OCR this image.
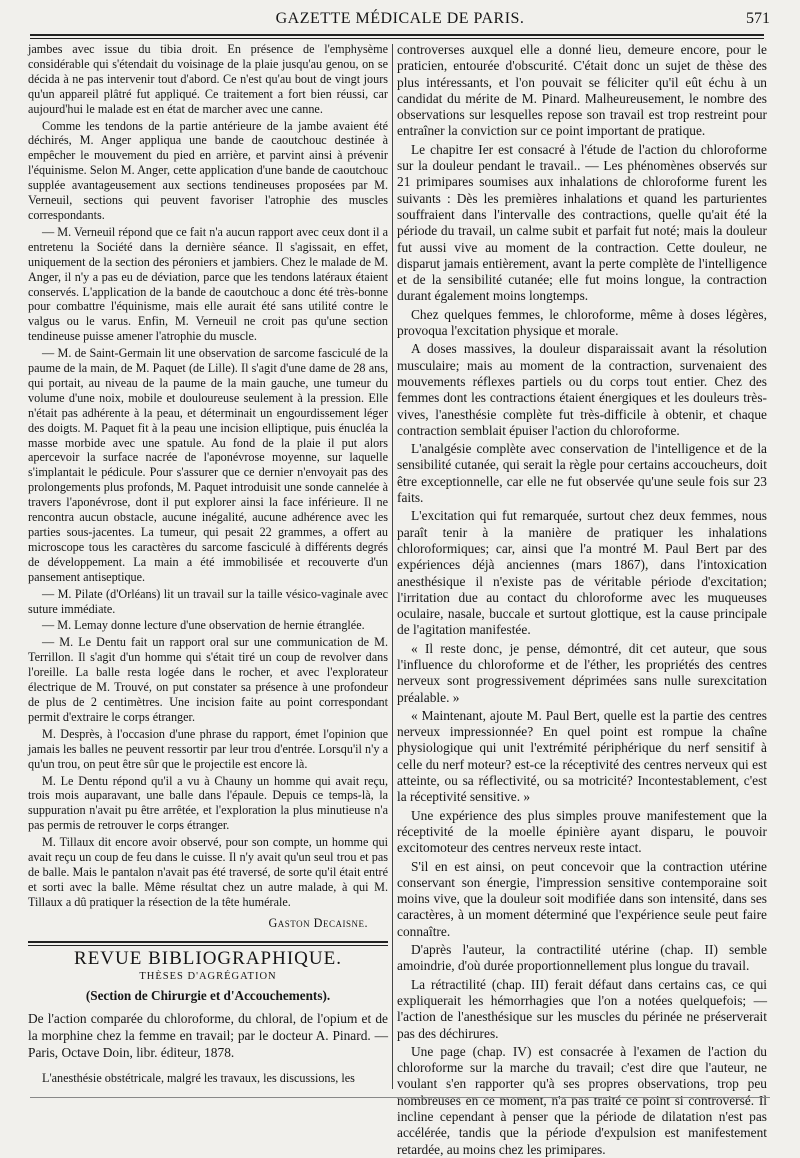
GAZETTE MÉDICALE DE PARIS.	571

jambes avec issue du tibia droit. En présence de l'emphysème considérable qui s'étendait du voisinage de la plaie jusqu'au genou, on se décida à ne pas intervenir tout d'abord. Ce n'est qu'au bout de vingt jours qu'un appareil plâtré fut appliqué. Ce traitement a fort bien réussi, car aujourd'hui le malade est en état de marcher avec une canne.

Comme les tendons de la partie antérieure de la jambe avaient été déchirés, M. Anger appliqua une bande de caoutchouc destinée à empêcher le mouvement du pied en arrière, et parvint ainsi à prévenir l'équinisme. Selon M. Anger, cette application d'une bande de caoutchouc supplée avantageusement aux sections tendineuses proposées par M. Verneuil, sections qui peuvent favoriser l'atrophie des muscles correspondants.

— M. Verneuil répond que ce fait n'a aucun rapport avec ceux dont il a entretenu la Société dans la dernière séance. Il s'agissait, en effet, uniquement de la section des péroniers et jambiers. Chez le malade de M. Anger, il n'y a pas eu de déviation, parce que les tendons latéraux étaient conservés. L'application de la bande de caoutchouc a donc été très-bonne pour combattre l'équinisme, mais elle aurait été sans utilité contre le valgus ou le varus. Enfin, M. Verneuil ne croit pas qu'une section tendineuse puisse amener l'atrophie du muscle.

— M. de Saint-Germain lit une observation de sarcome fasciculé de la paume de la main, de M. Paquet (de Lille). Il s'agit d'une dame de 28 ans, qui portait, au niveau de la paume de la main gauche, une tumeur du volume d'une noix, mobile et douloureuse seulement à la pression. Elle n'était pas adhérente à la peau, et déterminait un engourdissement léger des doigts. M. Paquet fit à la peau une incision elliptique, puis énucléa la masse morbide avec une spatule. Au fond de la plaie il put alors apercevoir la surface nacrée de l'aponévrose moyenne, sur laquelle s'implantait le pédicule. Pour s'assurer que ce dernier n'envoyait pas des prolongements plus profonds, M. Paquet introduisit une sonde cannelée à travers l'aponévrose, dont il put explorer ainsi la face inférieure. Il ne rencontra aucun obstacle, aucune inégalité, aucune adhérence avec les parties sous-jacentes. La tumeur, qui pesait 22 grammes, a offert au microscope tous les caractères du sarcome fasciculé à différents degrés de développement. La main a été immobilisée et recouverte d'un pansement antiseptique.

— M. Pilate (d'Orléans) lit un travail sur la taille vésico-vaginale avec suture immédiate.

— M. Lemay donne lecture d'une observation de hernie étranglée.

— M. Le Dentu fait un rapport oral sur une communication de M. Terrillon. Il s'agit d'un homme qui s'était tiré un coup de revolver dans l'oreille. La balle resta logée dans le rocher, et avec l'explorateur électrique de M. Trouvé, on put constater sa présence à une profondeur de plus de 2 centimètres. Une incision faite au point correspondant permit d'extraire le corps étranger.

M. Desprès, à l'occasion d'une phrase du rapport, émet l'opinion que jamais les balles ne peuvent ressortir par leur trou d'entrée. Lorsqu'il n'y a qu'un trou, on peut être sûr que le projectile est encore là.

M. Le Dentu répond qu'il a vu à Chauny un homme qui avait reçu, trois mois auparavant, une balle dans l'épaule. Depuis ce temps-là, la suppuration n'avait pu être arrêtée, et l'exploration la plus minutieuse n'a pas permis de retrouver le corps étranger.

M. Tillaux dit encore avoir observé, pour son compte, un homme qui avait reçu un coup de feu dans le cuisse. Il n'y avait qu'un seul trou et pas de balle. Mais le pantalon n'avait pas été traversé, de sorte qu'il était entré et sorti avec la balle. Même résultat chez un autre malade, à qui M. Tillaux a dû pratiquer la résection de la tête humérale.

Gaston Decaisne.

REVUE BIBLIOGRAPHIQUE.
THÈSES D'AGRÉGATION
(Section de Chirurgie et d'Accouchements).

De l'action comparée du chloroforme, du chloral, de l'opium et de la morphine chez la femme en travail; par le docteur A. Pinard. — Paris, Octave Doin, libr. éditeur, 1878.

L'anesthésie obstétricale, malgré les travaux, les discussions, les

controverses auxquel elle a donné lieu, demeure encore, pour le praticien, entourée d'obscurité. C'était donc un sujet de thèse des plus intéressants, et l'on pouvait se féliciter qu'il eût échu à un candidat du mérite de M. Pinard. Malheureusement, le nombre des observations sur lesquelles repose son travail est trop restreint pour entraîner la conviction sur ce point important de pratique.

Le chapitre Ier est consacré à l'étude de l'action du chloroforme sur la douleur pendant le travail.. — Les phénomènes observés sur 21 primipares soumises aux inhalations de chloroforme furent les suivants : Dès les premières inhalations et quand les parturientes souffraient dans l'intervalle des contractions, quelle qu'ait été la période du travail, un calme subit et parfait fut noté; mais la douleur fut aussi vive au moment de la contraction. Cette douleur, ne disparut jamais entièrement, avant la perte complète de l'intelligence et de la sensibilité cutanée; elle fut moins longue, la contraction durant également moins longtemps.

Chez quelques femmes, le chloroforme, même à doses légères, provoqua l'excitation physique et morale.

A doses massives, la douleur disparaissait avant la résolution musculaire; mais au moment de la contraction, survenaient des mouvements réflexes partiels ou du corps tout entier. Chez des femmes dont les contractions étaient énergiques et les douleurs très-vives, l'anesthésie complète fut très-difficile à obtenir, et chaque contraction semblait épuiser l'action du chloroforme.

L'analgésie complète avec conservation de l'intelligence et de la sensibilité cutanée, qui serait la règle pour certains accoucheurs, doit être exceptionnelle, car elle ne fut observée qu'une seule fois sur 23 faits.

L'excitation qui fut remarquée, surtout chez deux femmes, nous paraît tenir à la manière de pratiquer les inhalations chloroformiques; car, ainsi que l'a montré M. Paul Bert par des expériences déjà anciennes (mars 1867), dans l'intoxication anesthésique il n'existe pas de véritable période d'excitation; l'irritation due au contact du chloroforme avec les muqueuses oculaire, nasale, buccale et surtout glottique, est la cause principale de l'agitation manifestée.

« Il reste donc, je pense, démontré, dit cet auteur, que sous l'influence du chloroforme et de l'éther, les propriétés des centres nerveux sont progressivement déprimées sans nulle surexcitation préalable. »

« Maintenant, ajoute M. Paul Bert, quelle est la partie des centres nerveux impressionnée? En quel point est rompue la chaîne physiologique qui unit l'extrémité périphérique du nerf sensitif à celle du nerf moteur? est-ce la réceptivité des centres nerveux qui est atteinte, ou sa réflectivité, ou sa motricité? Incontestablement, c'est la réceptivité sensitive. »

Une expérience des plus simples prouve manifestement que la réceptivité de la moelle épinière ayant disparu, le pouvoir excitomoteur des centres nerveux reste intact.

S'il en est ainsi, on peut concevoir que la contraction utérine conservant son énergie, l'impression sensitive contemporaine soit moins vive, que la douleur soit modifiée dans son intensité, dans ses caractères, à un moment déterminé que l'expérience seule peut faire connaître.

D'après l'auteur, la contractilité utérine (chap. II) semble amoindrie, d'où durée proportionnellement plus longue du travail.

La rétractilité (chap. III) ferait défaut dans certains cas, ce qui expliquerait les hémorrhagies que l'on a notées quelquefois; — l'action de l'anesthésique sur les muscles du périnée ne préserverait pas des déchirures.

Une page (chap. IV) est consacrée à l'examen de l'action du chloroforme sur la marche du travail; c'est dire que l'auteur, ne voulant s'en rapporter qu'à ses propres observations, trop peu nombreuses en ce moment, n'a pas traité ce point si controversé. Il incline cependant à penser que la période de dilatation n'est pas accélérée, tandis que la période d'expulsion est manifestement retardée, au moins chez les primipares.
